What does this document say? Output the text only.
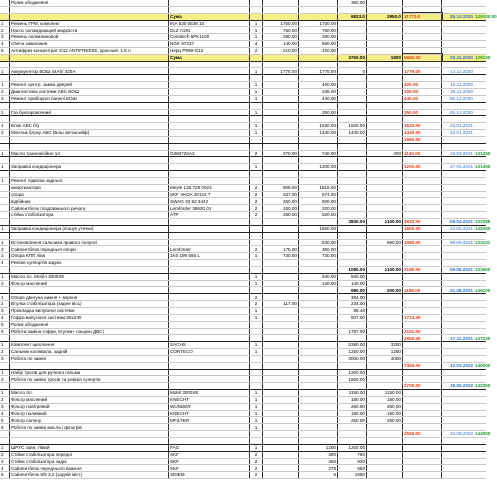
	Ролик ободження					350.00				

		Сума				6823.0	2950.0	11773.0	28.10.2020	129100.00
1	Ремень ГРМ, комплект	INA 530 0538 10	1	1750.00	1750.00					
2	Насос охлаждающей жидкости	DLZ A191	1	750.00	750.00					
3	Ремень поликлиновой	Contitech 6PK1100	1	280.00	280.00					
4	Свеча зажигания	NGK 97237	4	140.00	560.00					
5	Антифриз-концентрат G12 ANTIFREEZE, красный, 1,5 л	Нерц P999-G12	2	210.00	420.00					
		Сума				3760.00	1900	5660.00	02.11.2020	129130

1	Аккумулятор БОШ 44Ah/ 420А		1	1775.00	1775.00	0		1775.00	13.11.2020	

1	Ремонт центр. замка дверей		1		400.00			400.00	15.11.2020	
2	Диагностика системи АБС БОШ		1		335.00			335.00	28.11.2020	
3	Ремонт приборної панелі БОШ		1		440.00			440.00	05.12.2020	

1	Газ буксировочний		1		350.00			350.00	05.12.2020	

1	Блок АБС б/у		1		1520.00	1520.00		1520.00	23.01.2021	
2	Монтаж блоку АБС (Бош автоксейф)		1		1440.00	1440.00		1440.00	23.01.2021	
								2960.00		

1	Масло трансмісійне 1л	G060726A2	2	370.00	740.00		400	1140.00	18.03.2021	131350

1	Заправка кондиціонера		1		1200.00			1200.00	27.03.2021	131450

1	Ремонт підвіски задньої:									
	амортизатори	Meyle 126 725 0024	2	908.00	1816.00					
	опора	SKF VKDA 40124 T	2	337.00	674.00					
	відбійник	SWAG 32 92 3442	2	250.00	500.00					
	Сайлентблок поздовжнього ричага	Lemforder 38620 01	2	160.00	320.00					
	стійка стабілізатора	ATP	2	260.00	520.00					
						3830.00	1100.00	4930.00	08.04.2021	132085
1	Заправка кондиціонера (пошук утечки)				1500.00			1500.00	23.06.2021	132200

1	Встановлення сальника правого полуосі				530.00		550.00	1080.00	09.06.2021	133101
2	Сайлентблок передньої опори	Lemforder	2	175.00	350.00					
3	Опора КПП ліва	1K0 199 555 L	1	730.00	730.00					
4	Ревізія суппортів задніх									
						1080.00	1100.00	2180.00	09.06.2021	133500
1	Масло 4л. Мобіл 3000XE		1		940.00	940.00				
2	Фільтр масляний		1		140.00	140.00				
						980.00	200.00	1180.00	21.08.2021	136100
1	Опора двигуна нижня + верхня		2			384.00				
2	Втулка стабілізатора (задня вісь)		2	117.00		234.00				
3	Прокладка випускної системи		1			88.40				
4	Гофра випускної системи 50х230		1			507.00		1713.40		
5	Ролик ободження									
6	Роботи:заміна гофри, втулки+ пошуки ДВС)					1787.00		2181.00		
								2900.40	17.11.2021	137230
1	Комплект щеплення	SACHS	1			3380.00	3200			
2	Сальник колінвала, задній	CORTECO	1			1250.00	1250			
3	Робота по заміні					3000.00	3000			
								7450.00	12.03.2022	140000
1	Набір тросів для ручного гальма					1200.00				
2	Робота по заміні тросів та ревізія супортів					1500.00				
								2700.00	19.05.2022	142300
1	Масло 4л.	Mobil 3000XE	1			1150.00	1150.00			
2	Фільтр масляний	KNECHT	1			180.00	180.00			
3	Фільтр повітряний	WUNDER	1			260.00	260.00			
4	Фільтр паливний	KNECHT	1			190.00	190.00			
5	Фільтр салону	MFILTER	1			250.00	250.00			
6	Робота по заміні масла і фільтрів		1							
								2550.00	10.08.2022	144000

1	ШРУС зовн. Лівий	FAG	1		1200	1200.00				
2	Стійки стабілізатора передні	SKF	2		390	780				
3	Стійки стабілізатора задні	SKF	2		460	920				
4	Сайлентблок переднього важеля	SKF	2		275	550				
5	Сайлентблок 5/6 3,2 (задній міст)	SIDEM	2		6	1650				
